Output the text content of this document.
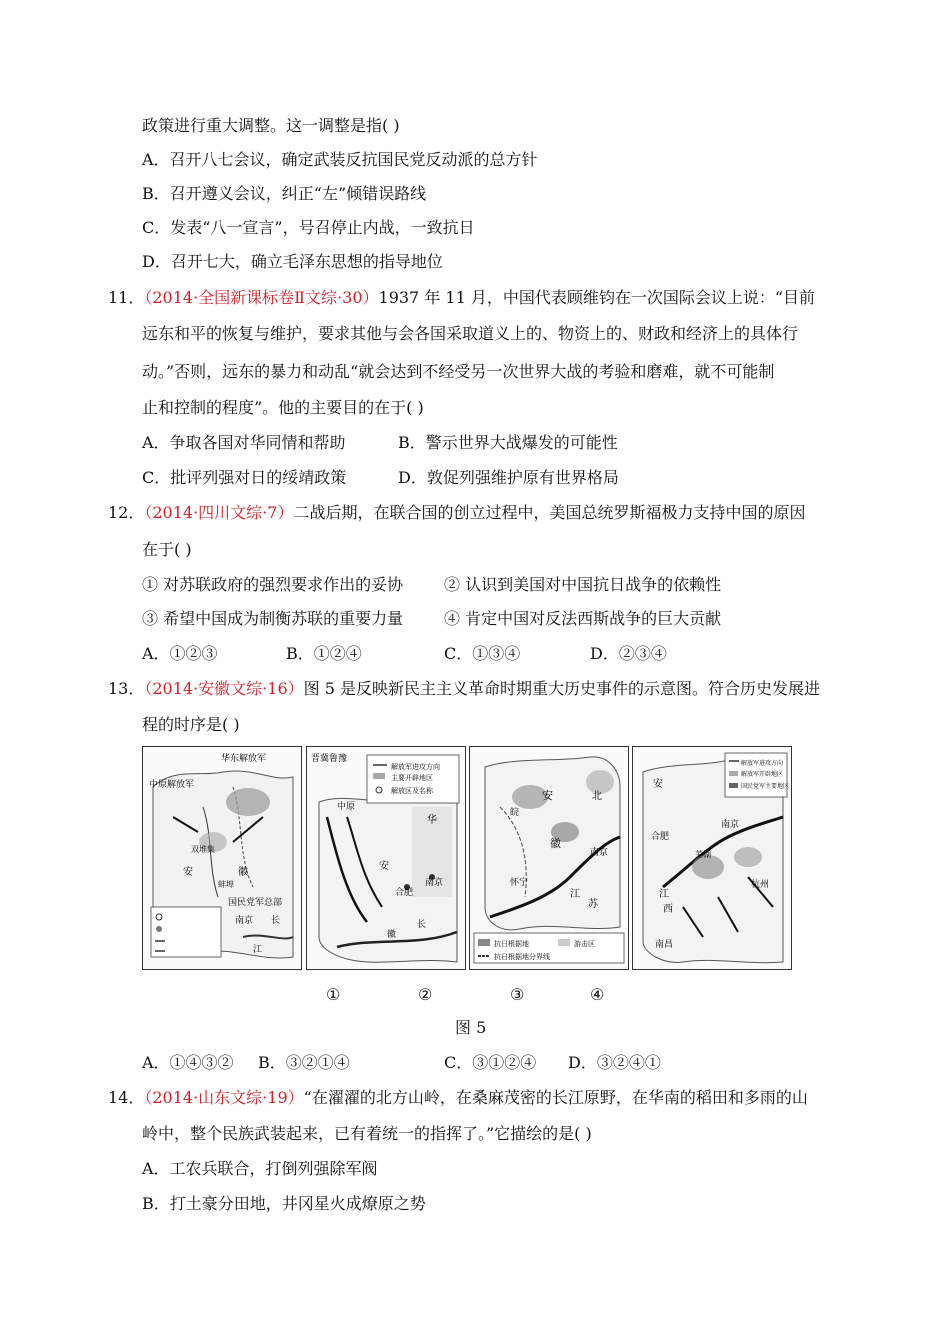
政策进行重大调整。这一调整是指( )
A．召开八七会议，确定武装反抗国民党反动派的总方针
B．召开遵义会议，纠正“左”倾错误路线
C．发表“八一宣言”，号召停止内战，一致抗日
D．召开七大，确立毛泽东思想的指导地位
11．（2014·全国新课标卷Ⅱ文综·30）1937 年 11 月，中国代表顾维钧在一次国际会议上说：“目前
远东和平的恢复与维护，要求其他与会各国采取道义上的、物资上的、财政和经济上的具体行
动。”否则，远东的暴力和动乱“就会达到不经受另一次世界大战的考验和磨难，就不可能制
止和控制的程度”。他的主要目的在于( )
A．争取各国对华同情和帮助	B．警示世界大战爆发的可能性
C．批评列强对日的绥靖政策	D．敦促列强维护原有世界格局
12．（2014·四川文综·7）二战后期，在联合国的创立过程中，美国总统罗斯福极力支持中国的原因
在于( )
① 对苏联政府的强烈要求作出的妥协	② 认识到美国对中国抗日战争的依赖性
③ 希望中国成为制衡苏联的重要力量	④ 肯定中国对反法西斯战争的巨大贡献
A．①②③	B．①②④	C．①③④	D．②③④
13．（2014·安徽文综·16）图 5 是反映新民主主义革命时期重大历史事件的示意图。符合历史发展进
程的时序是( )
中原解放军
华东解放军
安	徽
双堆集
蚌埠
国民党军总部
南京 长
江
晋冀鲁豫
解放军进攻方向
主要开辟地区
解放区及名称
中原
华
安
合肥
南京
长
徽
皖
安
徽
北
南京
怀宁
江
苏
抗日根据地	游击区
抗日根据地分界线
安
解放军进攻方向
解放军开辟地区
国民党军主要地区
合肥
南京
芜湖
杭州
南昌
江
西
①	②	③	④
图 5
A．①④③② B．③②①④	C．③①②④ D．③②④①
14．（2014·山东文综·19）“在濯濯的北方山岭，在桑麻茂密的长江原野，在华南的稻田和多雨的山
岭中，整个民族武装起来，已有着统一的指挥了。”它描绘的是( )
A．工农兵联合，打倒列强除军阀
B．打土豪分田地，井冈星火成燎原之势
